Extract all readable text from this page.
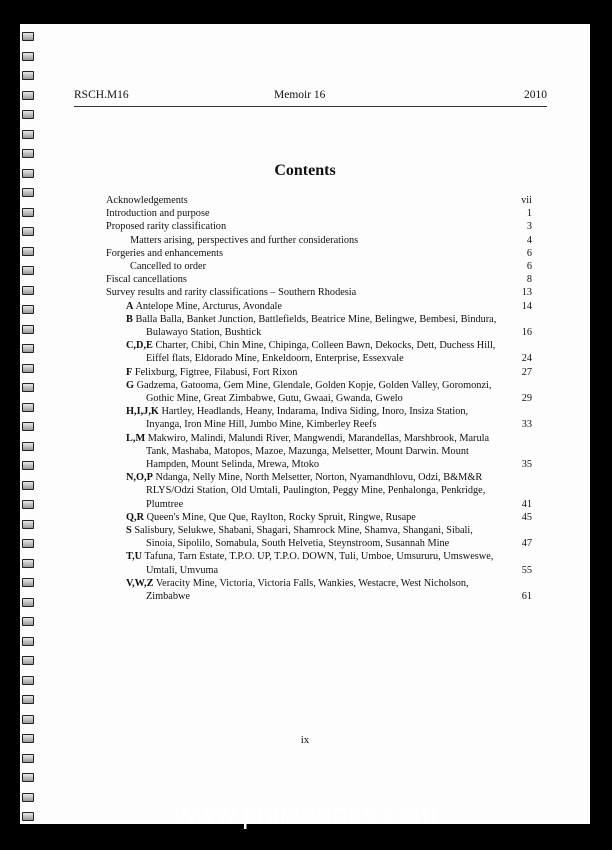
RSCH.M16	Memoir 16	2010
Contents
Acknowledgements	vii
Introduction and purpose	1
Proposed rarity classification	3
Matters arising, perspectives and further considerations	4
Forgeries and enhancements	6
Cancelled to order	6
Fiscal cancellations	8
Survey results and rarity classifications – Southern Rhodesia	13
A Antelope Mine, Arcturus, Avondale	14
B Balla Balla, Banket Junction, Battlefields, Beatrice Mine, Belingwe, Bembesi, Bindura, Bulawayo Station, Bushtick	16
C,D,E Charter, Chibi, Chin Mine, Chipinga, Colleen Bawn, Dekocks, Dett, Duchess Hill, Eiffel flats, Eldorado Mine, Enkeldoorn, Enterprise, Essexvale	24
F Felixburg, Figtree, Filabusi, Fort Rixon	27
G Gadzema, Gatooma, Gem Mine, Glendale, Golden Kopje, Golden Valley, Goromonzi, Gothic Mine, Great Zimbabwe, Gutu, Gwaai, Gwanda, Gwelo	29
H,I,J,K Hartley, Headlands, Heany, Indarama, Indiva Siding, Inoro, Insiza Station, Inyanga, Iron Mine Hill, Jumbo Mine, Kimberley Reefs	33
L,M Makwiro, Malindi, Malundi River, Mangwendi, Marandellas, Marshbrook, Marula Tank, Mashaba, Matopos, Mazoe, Mazunga, Melsetter, Mount Darwin. Mount Hampden, Mount Selinda, Mrewa, Mtoko	35
N,O,P Ndanga, Nelly Mine, North Melsetter, Norton, Nyamandhlovu, Odzi, B&M&R RLYS/Odzi Station, Old Umtali, Paulington, Peggy Mine, Penhalonga, Penkridge, Plumtree	41
Q,R Queen's Mine, Que Que, Raylton, Rocky Spruit, Ringwe, Rusape	45
S Salisbury, Selukwe, Shabani, Shagari, Shamrock Mine, Shamva, Shangani, Sibali, Sinoia, Sipolilo, Somabula, South Helvetia, Steynstroom, Susannah Mine	47
T,U Tafuna, Tarn Estate, T.P.O. UP, T.P.O. DOWN, Tuli, Umboe, Umsururu, Umsweswe, Umtali, Umvuma	55
V,W,Z Veracity Mine, Victoria, Victoria Falls, Wankies, Westacre, West Nicholson, Zimbabwe	61
ix
www.philabooks.com
